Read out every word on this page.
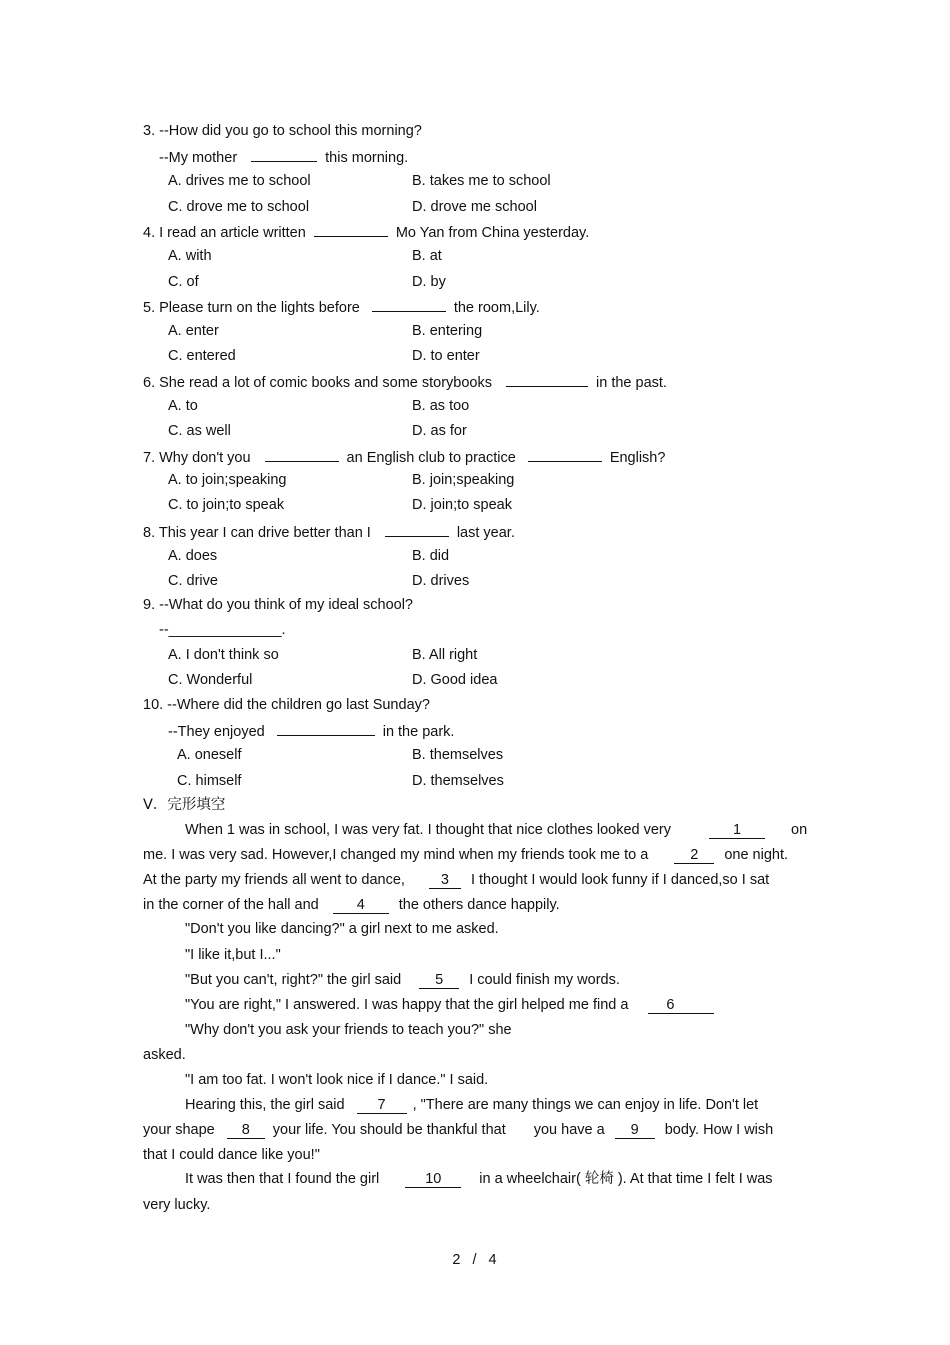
3. --How did you go to school this morning?
--My mother	this morning.
A. drives me to school	B. takes me to school
C. drove me to school	D. drove me school
4. I read an article written	Mo Yan from China yesterday.
A. with	B. at
C. of	D. by
5. Please turn on the lights before	the room,Lily.
A. enter	B. entering
C. entered	D. to enter
6. She read a lot of comic books and some storybooks	in the past.
A. to	B. as too
C. as well	D. as for
7. Why don't you	an English club to practice	English?
A. to join;speaking	B. join;speaking
C. to join;to speak	D. join;to speak
8. This year I can drive better than I	last year.
A. does	B. did
C. drive	D. drives
9. --What do you think of my ideal school?
--______________.
A. I don't think so	B. All right
C. Wonderful	D. Good idea
10. --Where did the children go last Sunday?
--They enjoyed	in the park.
A. oneself	B. themselves
C. himself	D. themselves
V．完形填空
When 1 was in school, I was very fat. I thought that nice clothes looked very	1	on
me. I was very sad. However,I changed my mind when my friends took me to a	2 one night.
At the party my friends all went to dance, 3 I thought I would look funny if I danced,so I sat
in the corner of the hall and	4 the others dance happily.
"Don't you like dancing?" a girl next to me asked.
"I like it,but I..."
"But you can't, right?" the girl said 5 I could finish my words.
"You are right," I answered. I was happy that the girl helped me find a	6
"Why don't you ask your friends to teach you?" she
asked.
"I am too fat. I won't look nice if I dance." I said.
Hearing this, the girl said 7 , "There are many things we can enjoy in life. Don't let
your shape 8 your life. You should be thankful that you have a 9 body. How I wish
that I could dance like you!"
It was then that I found the girl	10	in a wheelchair( 轮椅 ). At that time I felt I was
very lucky.
2 / 4
